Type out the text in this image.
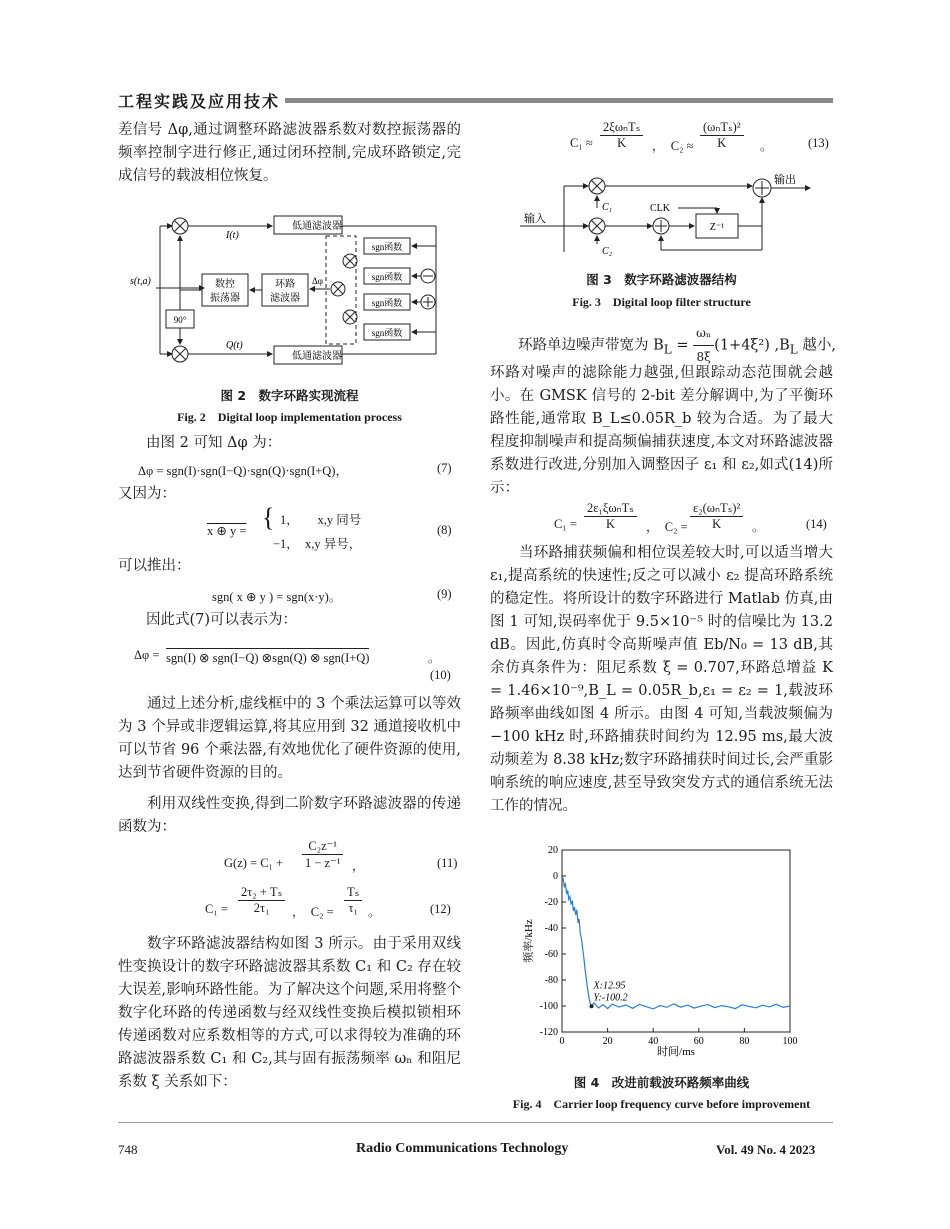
工程实践及应用技术
差信号 Δφ,通过调整环路滤波器系数对数控振荡器的频率控制字进行修正,通过闭环控制,完成环路锁定,完成信号的载波相位恢复。
低通滤波器
低通滤波器
sgn函数
sgn函数
sgn函数
sgn函数
环路
滤波器
数控
振荡器
90°
s(t,a)
I(t)
Q(t)
Δφ
图 2　数字环路实现流程
Fig. 2　Digital loop implementation process
由图 2 可知 Δφ 为：
Δφ = sgn(I)·sgn(I−Q)·sgn(Q)·sgn(I+Q)，	(7)
又因为：
x ⊕ y = { 1，　　x,y 同号
−1，　x,y 异号，
(8)
可以推出：
sgn( x ⊕ y ) = sgn(x·y)。	(9)
因此式(7)可以表示为：
Δφ = sgn(I) ⊗ sgn(I−Q) ⊗sgn(Q) ⊗ sgn(I+Q)	。
(10)
通过上述分析,虚线框中的 3 个乘法运算可以等效为 3 个异或非逻辑运算,将其应用到 32 通道接收机中可以节省 96 个乘法器,有效地优化了硬件资源的使用,达到节省硬件资源的目的。
利用双线性变换,得到二阶数字环路滤波器的传递函数为：
$G(z) = C_1 + \frac{\text{C₂z⁻¹}}{\text{1 − z⁻¹}}$ ，	(11)
$C_1 = \frac{\text{2τ₂ + Tₛ}}{\text{2τ₁}}$ ，　$C_2 = \frac{\text{Tₛ}}{\text{τ₁}}$ 。	(12)
数字环路滤波器结构如图 3 所示。由于采用双线性变换设计的数字环路滤波器其系数 C₁ 和 C₂ 存在较大误差,影响环路性能。为了解决这个问题,采用将整个数字化环路的传递函数与经双线性变换后模拟锁相环传递函数对应系数相等的方式,可以求得较为准确的环路滤波器系数 C₁ 和 C₂,其与固有振荡频率 ωₙ 和阻尼系数 ξ 关系如下：
C₁ ≈
2ξωₙTₛ
K	，　C₂ ≈
(ωₙTₛ)²
K	。	(13)
输入
输出
CLK
C₁
C₂
Z⁻¹
图 3　数字环路滤波器结构
Fig. 3　Digital loop filter structure
环路单边噪声带宽为 $B_L = \frac{\text{ωₙ}}{8\xi} (1+4\xi^2)$ $,B_L$ 越小,
环路对噪声的滤除能力越强,但跟踪动态范围就会越小。在 GMSK 信号的 2-bit 差分解调中,为了平衡环路性能,通常取 B_L≤0.05R_b 较为合适。为了最大程度抑制噪声和提高频偏捕获速度,本文对环路滤波器系数进行改进,分别加入调整因子 ε₁ 和 ε₂,如式(14)所示：
C₁ =
2ε₁ξωₙTₛ
K	，　C₂ =
ε₂(ωₙTₛ)²
K	。	(14)
当环路捕获频偏和相位误差较大时,可以适当增大 ε₁,提高系统的快速性;反之可以减小 ε₂ 提高环路系统的稳定性。将所设计的数字环路进行 Matlab 仿真,由图 1 可知,误码率优于 9.5×10⁻⁵ 时的信噪比为 13.2 dB。因此,仿真时令高斯噪声值 Eb/N₀ = 13 dB,其余仿真条件为：阻尼系数 ξ = 0.707,环路总增益 K = 1.46×10⁻⁹,B_L = 0.05R_b,ε₁ = ε₂ = 1,载波环路频率曲线如图 4 所示。由图 4 可知,当载波频偏为 −100 kHz 时,环路捕获时间约为 12.95 ms,最大波动频差为 8.38 kHz;数字环路捕获时间过长,会严重影响系统的响应速度,甚至导致突发方式的通信系统无法工作的情况。
20
0
-20
-40
-60
-80
-100
-120
0	20	40	60	80	100
X:12.95
Y:-100.2
时间/ms
频率/kHz
图 4　改进前载波环路频率曲线
Fig. 4　Carrier loop frequency curve before improvement
748	Radio Communications Technology	Vol. 49 No. 4 2023
